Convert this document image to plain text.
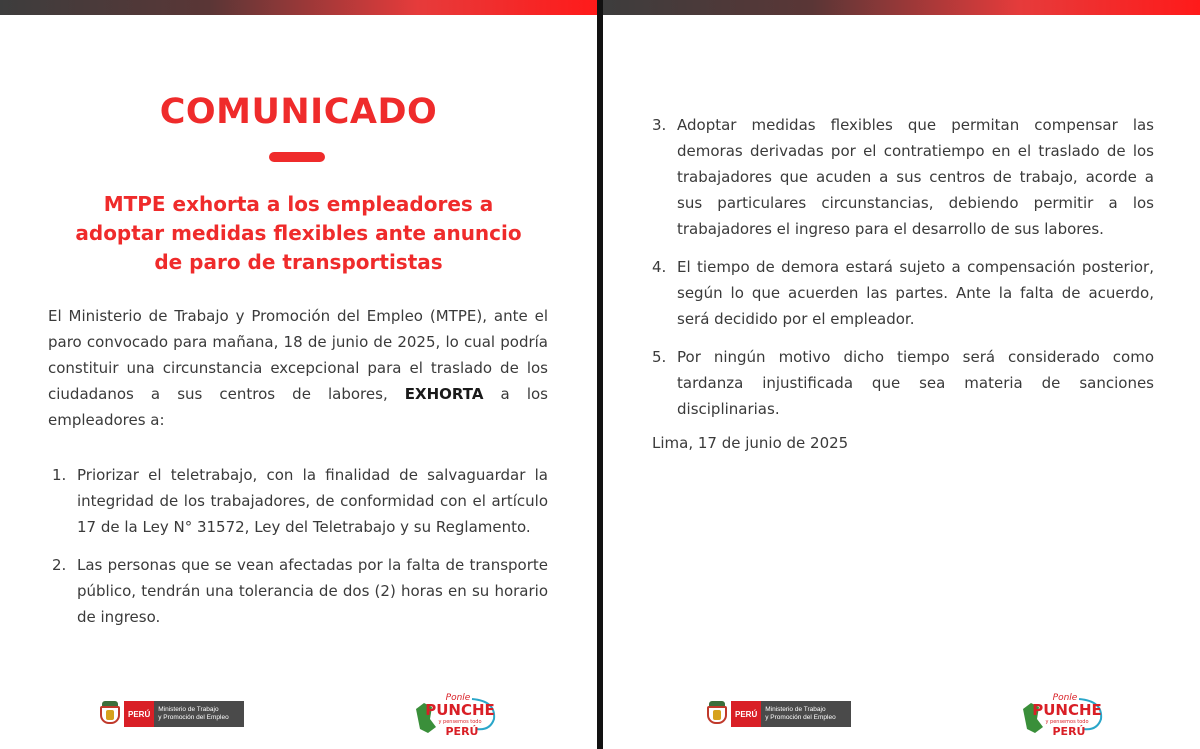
COMUNICADO
MTPE exhorta a los empleadores a
adoptar medidas flexibles ante anuncio
de paro de transportistas

El Ministerio de Trabajo y Promoción del Empleo (MTPE), ante el paro convocado para mañana, 18 de junio de 2025, lo cual podría constituir una circunstancia excepcional para el traslado de los ciudadanos a sus centros de labores, EXHORTA a los empleadores a:

PERÚ	Ministerio de Trabajo
y Promoción del Empleo
Ponle
PUNCHE
y pensemos todo
PERÚ
1. Priorizar el teletrabajo, con la finalidad de salvaguardar la integridad de los trabajadores, de conformidad con el artículo 17 de la Ley N° 31572, Ley del Teletrabajo y su Reglamento.
2. Las personas que se vean afectadas por la falta de transporte público, tendrán una tolerancia de dos (2) horas en su horario de ingreso.
PERÚ	Ministerio de Trabajo
y Promoción del Empleo
Ponle
PUNCHE
y pensemos todo
PERÚ
3. Adoptar medidas flexibles que permitan compensar las demoras derivadas por el contratiempo en el traslado de los trabajadores que acuden a sus centros de trabajo, acorde a sus particulares circunstancias, debiendo permitir a los trabajadores el ingreso para el desarrollo de sus labores.
4. El tiempo de demora estará sujeto a compensación posterior, según lo que acuerden las partes. Ante la falta de acuerdo, será decidido por el empleador.
5. Por ningún motivo dicho tiempo será considerado como tardanza injustificada que sea materia de sanciones disciplinarias.
Lima, 17 de junio de 2025
